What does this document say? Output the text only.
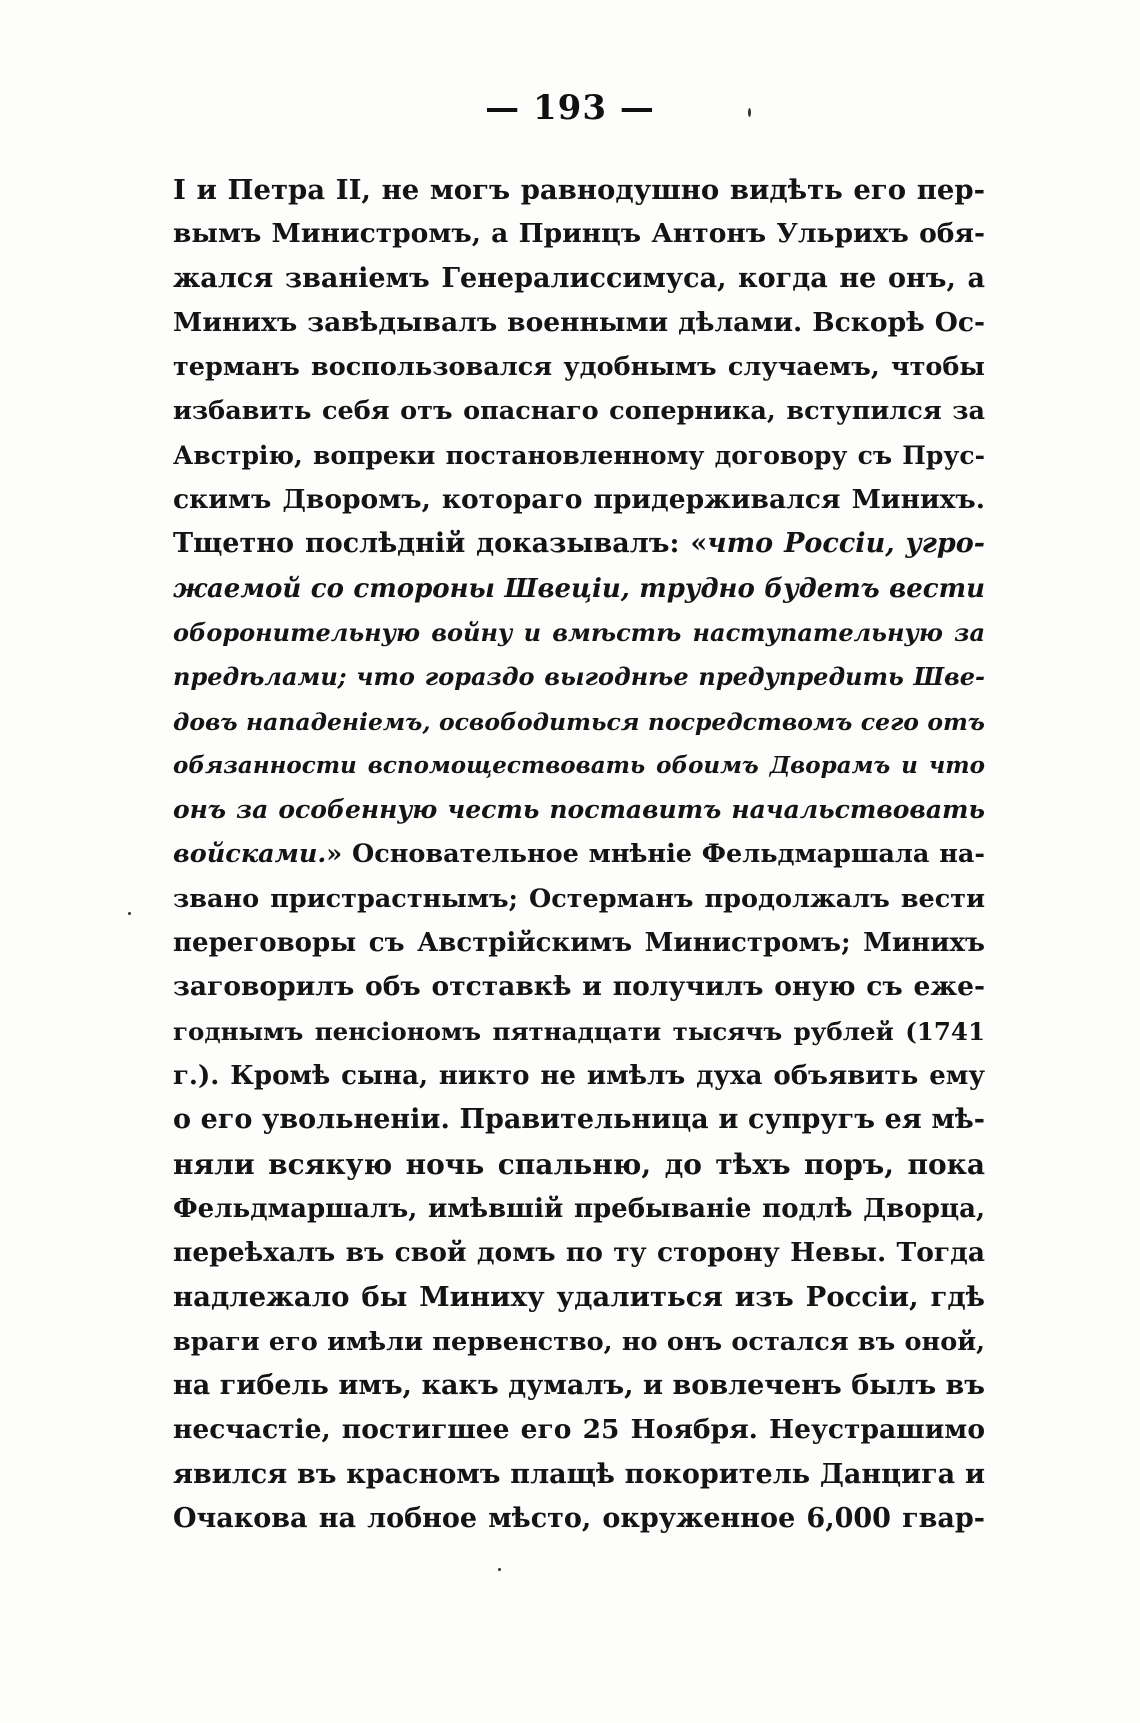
— 193 —
I и Петра II, не могъ равнодушно видѣть его пер-
вымъ Министромъ, а Принцъ Антонъ Ульрихъ обя-
жался званіемъ Генералиссимуса, когда не онъ, а
Минихъ завѣдывалъ военными дѣлами. Вскорѣ Ос-
терманъ воспользовался удобнымъ случаемъ, чтобы
избавить себя отъ опаснаго соперника, вступился за
Австрію, вопреки постановленному договору съ Прус-
скимъ Дворомъ, котораго придерживался Минихъ.
Тщетно послѣдній доказывалъ: «что Россіи, угро-
жаемой со стороны Швеціи, трудно будетъ вести
оборонительную войну и вмѣстѣ наступательную за
предѣлами; что гораздо выгоднѣе предупредить Шве-
довъ нападеніемъ, освободиться посредствомъ сего отъ
обязанности вспомоществовать обоимъ Дворамъ и что
онъ за особенную честь поставитъ начальствовать
войсками.» Основательное мнѣніе Фельдмаршала на-
звано пристрастнымъ; Остерманъ продолжалъ вести
переговоры съ Австрійскимъ Министромъ; Минихъ
заговорилъ объ отставкѣ и получилъ оную съ еже-
годнымъ пенсіономъ пятнадцати тысячъ рублей (1741
г.). Кромѣ сына, никто не имѣлъ духа объявить ему
о его увольненіи. Правительница и супругъ ея мѣ-
няли всякую ночь спальню, до тѣхъ поръ, пока
Фельдмаршалъ, имѣвшій пребываніе подлѣ Дворца,
переѣхалъ въ свой домъ по ту сторону Невы. Тогда
надлежало бы Миниху удалиться изъ Россіи, гдѣ
враги его имѣли первенство, но онъ остался въ оной,
на гибель имъ, какъ думалъ, и вовлеченъ былъ въ
несчастіе, постигшее его 25 Ноября. Неустрашимо
явился въ красномъ плащѣ покоритель Данцига и
Очакова на лобное мѣсто, окруженное 6,000 гвар-
